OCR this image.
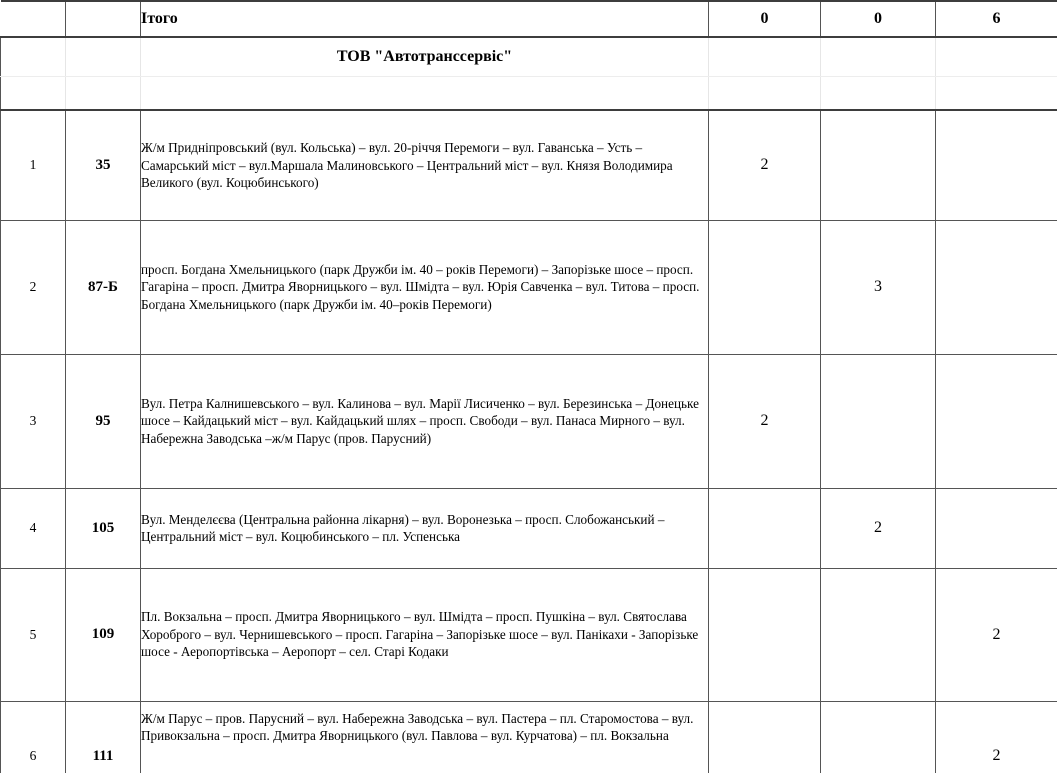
		Ітого	0	0	6
		ТОВ "Автотранссервіс"			

1	35	Ж/м Придніпровський (вул. Кольська) – вул. 20-річчя Перемоги – вул. Гаванська – Усть – Самарський міст – вул.Маршала Малиновського – Центральний міст – вул. Князя Володимира Великого (вул. Коцюбинського)	2		
2	87-Б	просп. Богдана Хмельницького (парк Дружби ім. 40 – років Перемоги) – Запорізьке шосе – просп. Гагаріна – просп. Дмитра Яворницького – вул. Шмідта – вул. Юрія Савченка – вул. Титова – просп. Богдана Хмельницького (парк Дружби ім. 40–років Перемоги)		3	
3	95	Вул. Петра Калнишевського – вул. Калинова – вул. Марії Лисиченко – вул. Березинська – Донецьке шосе – Кайдацький міст – вул. Кайдацький шлях – просп. Свободи – вул. Панаса Мирного – вул. Набережна Заводська –ж/м Парус (пров. Парусний)	2		
4	105	Вул. Менделєєва (Центральна районна лікарня) – вул. Воронезька – просп. Слобожанський – Центральний міст – вул. Коцюбинського – пл. Успенська		2	
5	109	Пл. Вокзальна – просп. Дмитра Яворницького – вул. Шмідта – просп. Пушкіна – вул. Святослава Хороброго – вул. Чернишевського – просп. Гагаріна – Запорізьке шосе – вул. Панікахи - Запорізьке шосе - Аеропортівська – Аеропорт – сел. Старі Кодаки			2
6	111	Ж/м Парус – пров. Парусний – вул. Набережна Заводська – вул. Пастера – пл. Старомостова – вул. Привокзальна – просп. Дмитра Яворницького (вул. Павлова – вул. Курчатова) – пл. Вокзальна			2
